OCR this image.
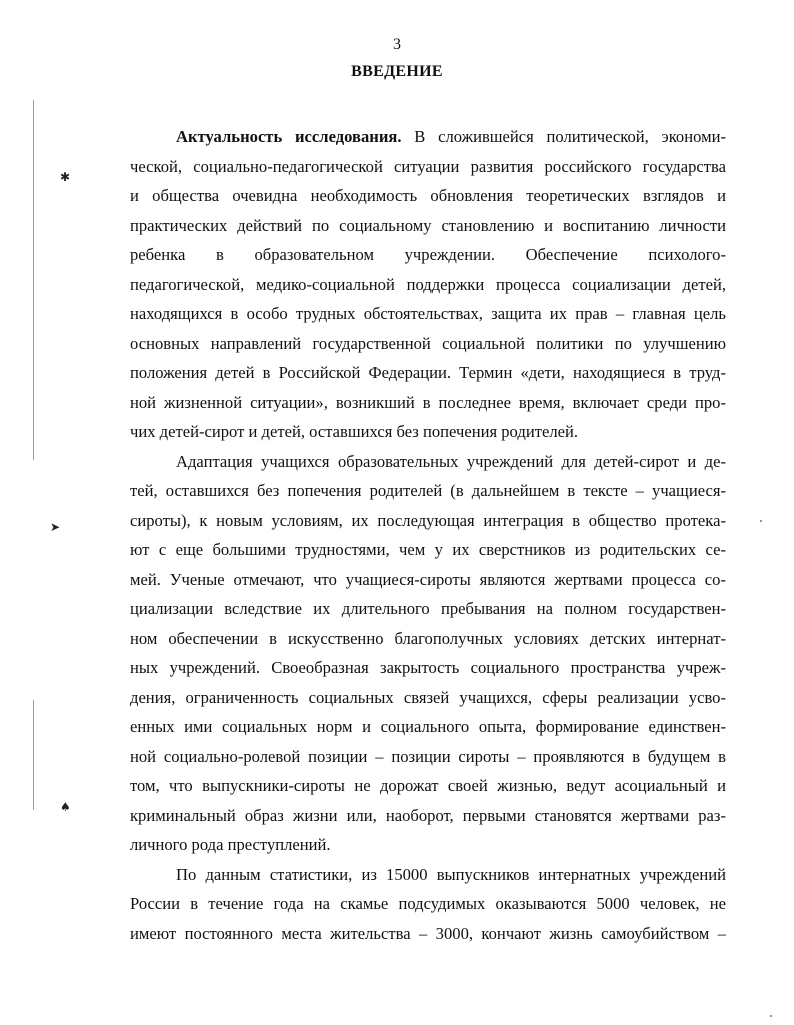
✱
➤
♠
3
ВВЕДЕНИЕ
Актуальность исследования. В сложившейся политической, экономи-
ческой, социально-педагогической ситуации развития российского государства
и общества очевидна необходимость обновления теоретических взглядов и
практических действий по социальному становлению и воспитанию личности
ребенка в образовательном учреждении. Обеспечение психолого-
педагогической, медико-социальной поддержки процесса социализации детей,
находящихся в особо трудных обстоятельствах, защита их прав – главная цель
основных направлений государственной социальной политики по улучшению
положения детей в Российской Федерации. Термин «дети, находящиеся в труд-
ной жизненной ситуации», возникший в последнее время, включает среди про-
чих детей-сирот и детей, оставшихся без попечения родителей.
Адаптация учащихся образовательных учреждений для детей-сирот и де-
тей, оставшихся без попечения родителей (в дальнейшем в тексте – учащиеся-
сироты), к новым условиям, их последующая интеграция в общество протека-
ют с еще большими трудностями, чем у их сверстников из родительских се-
мей. Ученые отмечают, что учащиеся-сироты являются жертвами процесса со-
циализации вследствие их длительного пребывания на полном государствен-
ном обеспечении в искусственно благополучных условиях детских интернат-
ных учреждений. Своеобразная закрытость социального пространства учреж-
дения, ограниченность социальных связей учащихся, сферы реализации усво-
енных ими социальных норм и социального опыта, формирование единствен-
ной социально-ролевой позиции – позиции сироты – проявляются в будущем в
том, что выпускники-сироты не дорожат своей жизнью, ведут асоциальный и
криминальный образ жизни или, наоборот, первыми становятся жертвами раз-
личного рода преступлений.
По данным статистики, из 15000 выпускников интернатных учреждений
России в течение года на скамье подсудимых оказываются 5000 человек, не
имеют постоянного места жительства – 3000, кончают жизнь самоубийством –
